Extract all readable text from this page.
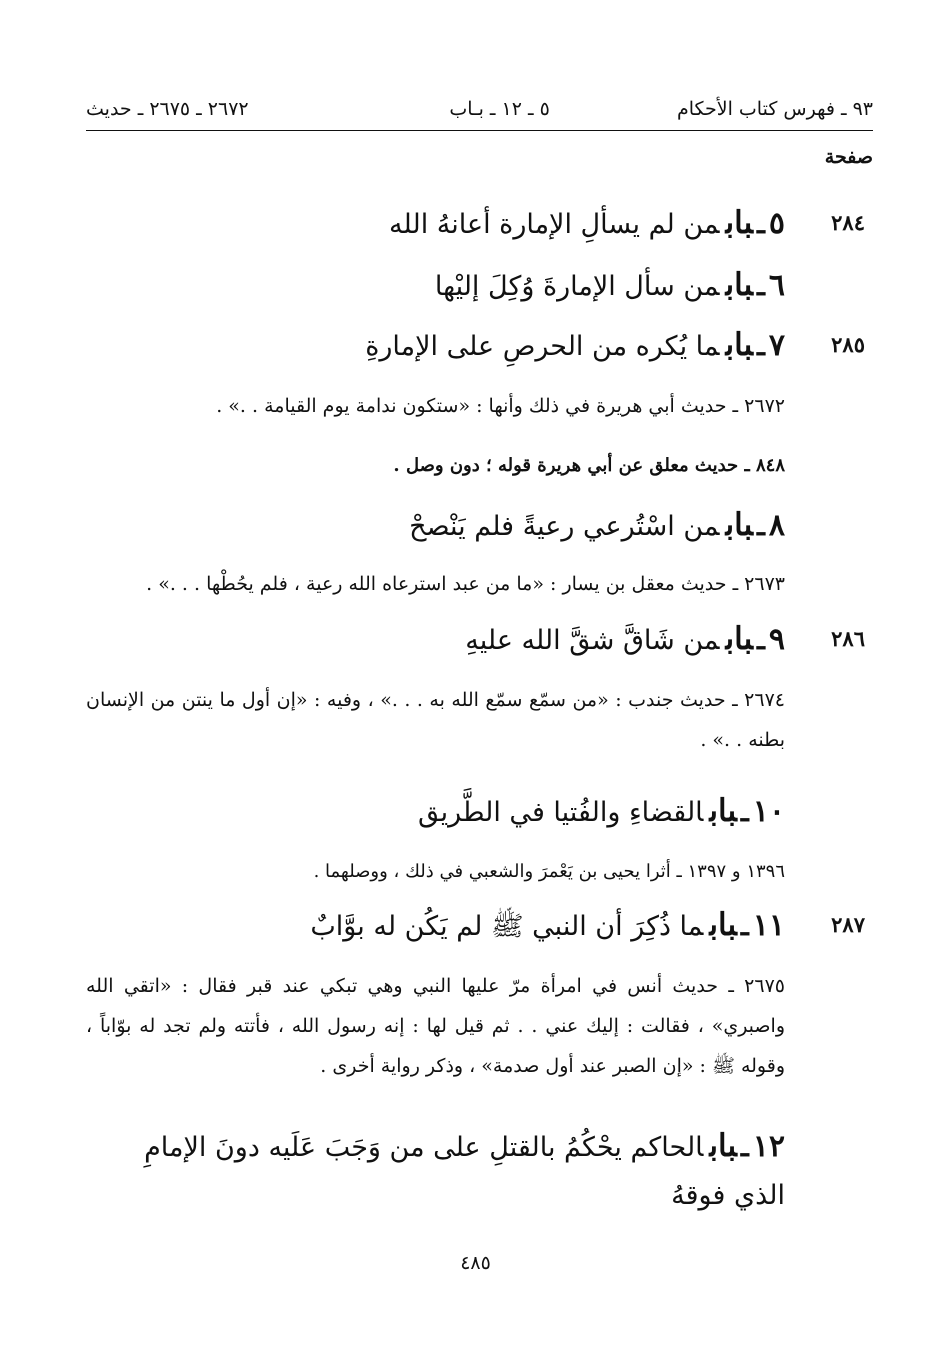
٩٣ ـ فهرس كتاب الأحكام
٥ ـ ١٢ ـ بـاب
٢٦٧٢ ـ ٢٦٧٥ ـ حديث
صفحة
٢٨٤
٥ـبابمن لم يسألِ الإمارة أعانهُ الله
٦ـبابمن سأل الإمارةَ وُكِلَ إليْها
٢٨٥
٧ـبابما يُكره من الحرصِ على الإمارةِ
٢٦٧٢ ـ حديث أبي هريرة في ذلك وأنها : «ستكون ندامة يوم القيامة . .» .
٨٤٨ ـ حديث معلق عن أبي هريرة قوله ؛ دون وصل .
٨ـبابمن اسْتُرعي رعيةً فلم يَنْصحْ
٢٦٧٣ ـ حديث معقل بن يسار : «ما من عبد استرعاه الله رعية ، فلم يحُطْها . . .» .
٢٨٦
٩ـبابمن شَاقَّ شقَّ الله عليهِ
٢٦٧٤ ـ حديث جندب : «من سمّع سمّع الله به . . .» ، وفيه : «إن أول ما ينتن من الإنسان بطنه . .» .
١٠ـبابالقضاءِ والفُتيا في الطَّريق
١٣٩٦ و ١٣٩٧ ـ أثرا يحيى بن يَعْمرَ والشعبي في ذلك ، ووصلهما .
٢٨٧
١١ـبابما ذُكِرَ أن النبي ﷺ لم يَكُن له بوَّابٌ
٢٦٧٥ ـ حديث أنس في امرأة مرّ عليها النبي وهي تبكي عند قبر فقال : «اتقي الله واصبري» ، فقالت : إليك عني . . ثم قيل لها : إنه رسول الله ، فأتته ولم تجد له بوّاباً ، وقوله ﷺ : «إن الصبر عند أول صدمة» ، وذكر رواية أخرى .
١٢ـبابالحاكم يحْكُمُ بالقتلِ على من وَجَبَ عَلَيه دونَ الإمامِ الذي فوقهُ
٤٨٥
